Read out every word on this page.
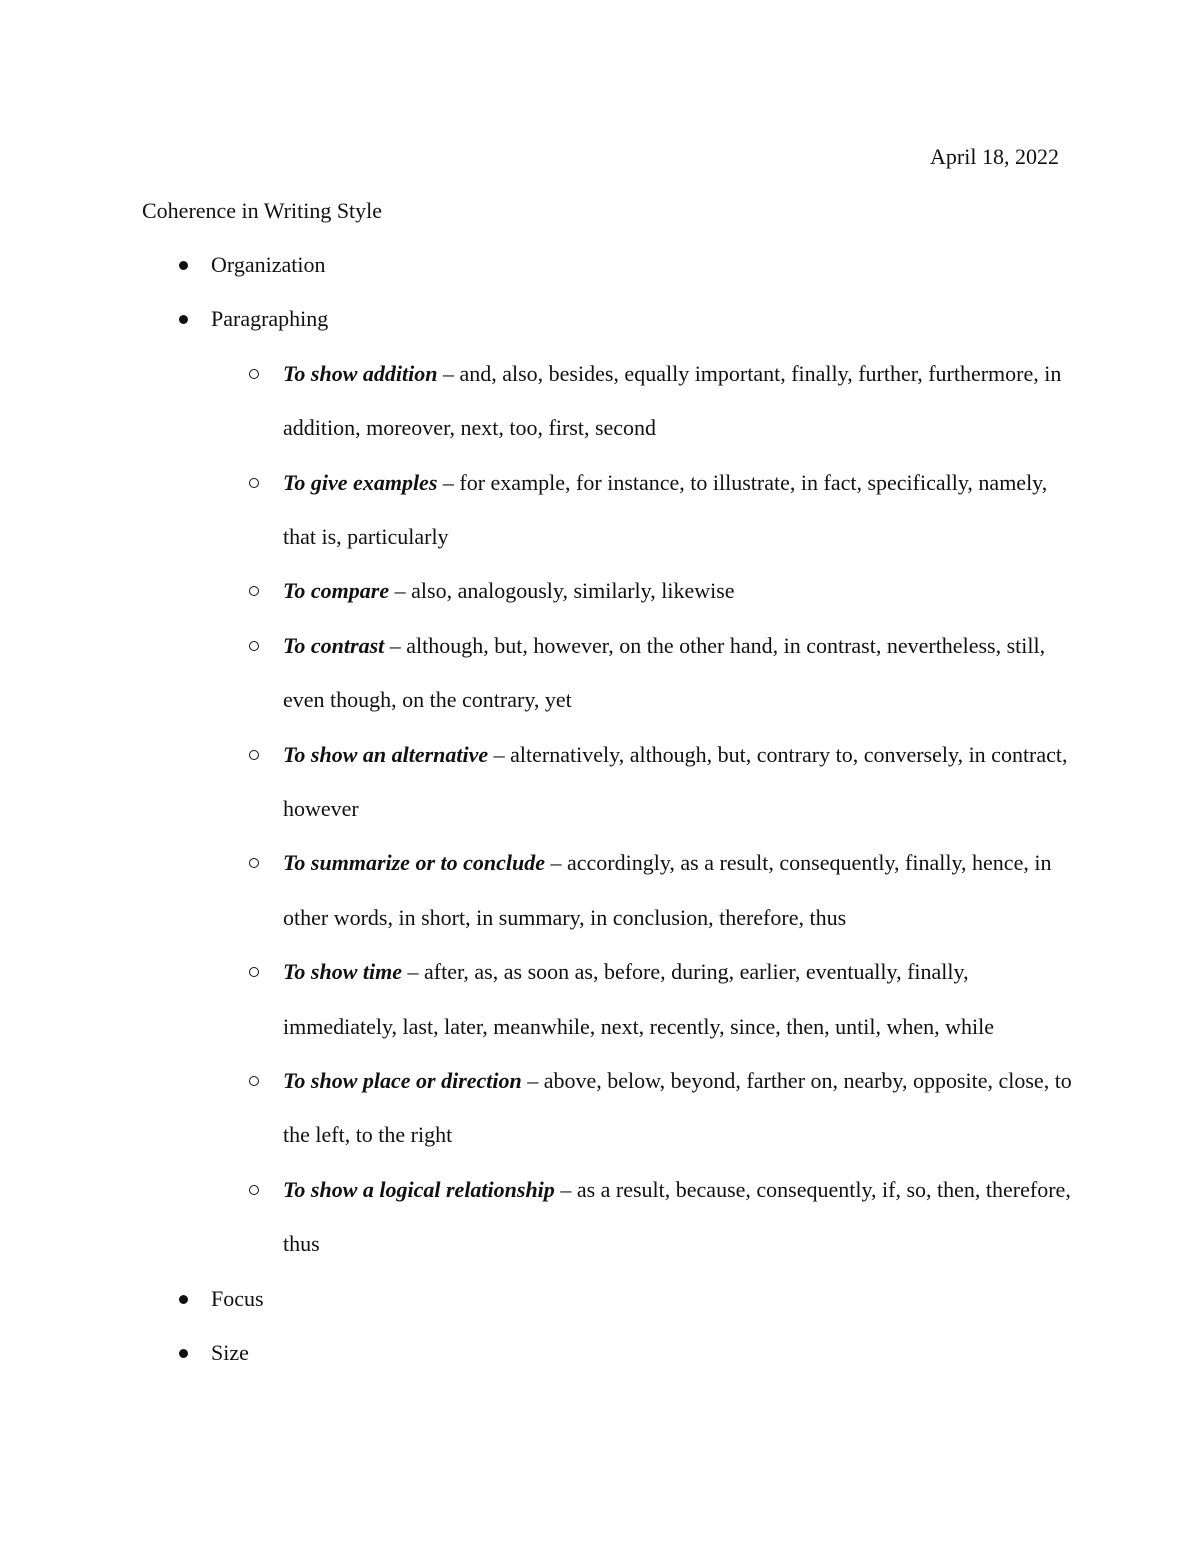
April 18, 2022
Coherence in Writing Style
Organization
Paragraphing
To show addition – and, also, besides, equally important, finally, further, furthermore, in addition, moreover, next, too, first, second
To give examples – for example, for instance, to illustrate, in fact, specifically, namely, that is, particularly
To compare – also, analogously, similarly, likewise
To contrast – although, but, however, on the other hand, in contrast, nevertheless, still, even though, on the contrary, yet
To show an alternative – alternatively, although, but, contrary to, conversely, in contract, however
To summarize or to conclude – accordingly, as a result, consequently, finally, hence, in other words, in short, in summary, in conclusion, therefore, thus
To show time – after, as, as soon as, before, during, earlier, eventually, finally, immediately, last, later, meanwhile, next, recently, since, then, until, when, while
To show place or direction – above, below, beyond, farther on, nearby, opposite, close, to the left, to the right
To show a logical relationship – as a result, because, consequently, if, so, then, therefore, thus
Focus
Size
